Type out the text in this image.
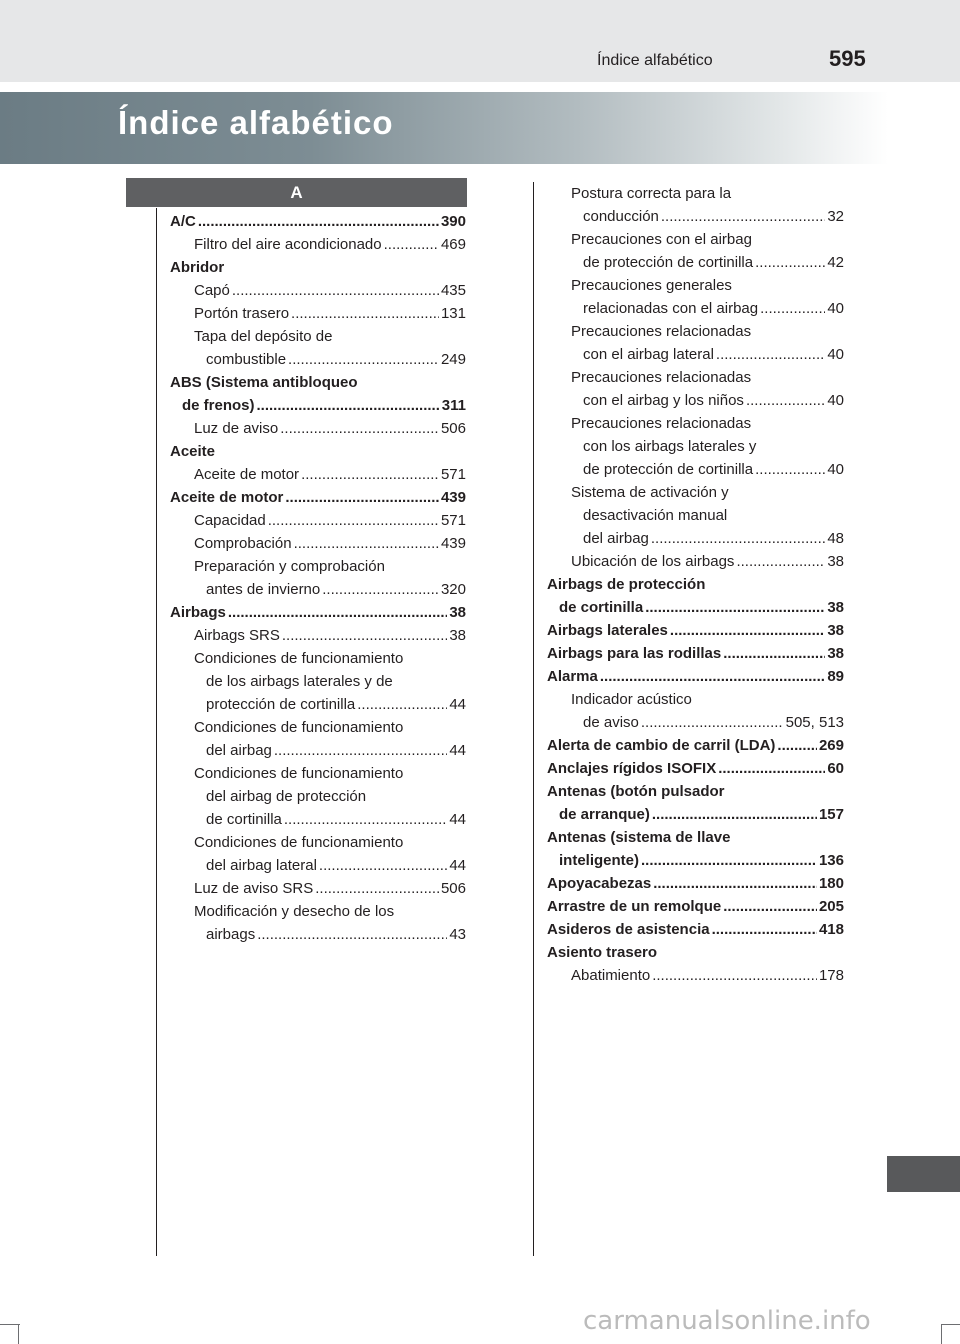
Índice alfabético	595
Índice alfabético
A
A/C .....	390
Filtro del aire acondicionado .....	469
Abridor
Capó .....	435
Portón trasero .....	131
Tapa del depósito de
combustible .....	249
ABS (Sistema antibloqueo
de frenos) .....	311
Luz de aviso .....	506
Aceite
Aceite de motor .....	571
Aceite de motor .....	439
Capacidad .....	571
Comprobación .....	439
Preparación y comprobación
antes de invierno .....	320
Airbags .....	38
Airbags SRS .....	38
Condiciones de funcionamiento
de los airbags laterales y de
protección de cortinilla .....	44
Condiciones de funcionamiento
del airbag .....	44
Condiciones de funcionamiento
del airbag de protección
de cortinilla .....	44
Condiciones de funcionamiento
del airbag lateral .....	44
Luz de aviso SRS .....	506
Modificación y desecho de los
airbags .....	43
Postura correcta para la
conducción .....	32
Precauciones con el airbag
de protección de cortinilla .....	42
Precauciones generales
relacionadas con el airbag .....	40
Precauciones relacionadas
con el airbag lateral .....	40
Precauciones relacionadas
con el airbag y los niños .....	40
Precauciones relacionadas
con los airbags laterales y
de protección de cortinilla .....	40
Sistema de activación y
desactivación manual
del airbag .....	48
Ubicación de los airbags .....	38
Airbags de protección
de cortinilla .....	38
Airbags laterales .....	38
Airbags para las rodillas .....	38
Alarma .....	89
Indicador acústico
de aviso .....	505, 513
Alerta de cambio de carril (LDA) .....	269
Anclajes rígidos ISOFIX .....	60
Antenas (botón pulsador
de arranque) .....	157
Antenas (sistema de llave
inteligente) .....	136
Apoyacabezas .....	180
Arrastre de un remolque .....	205
Asideros de asistencia .....	418
Asiento trasero
Abatimiento .....	178
carmanualsonline.info
